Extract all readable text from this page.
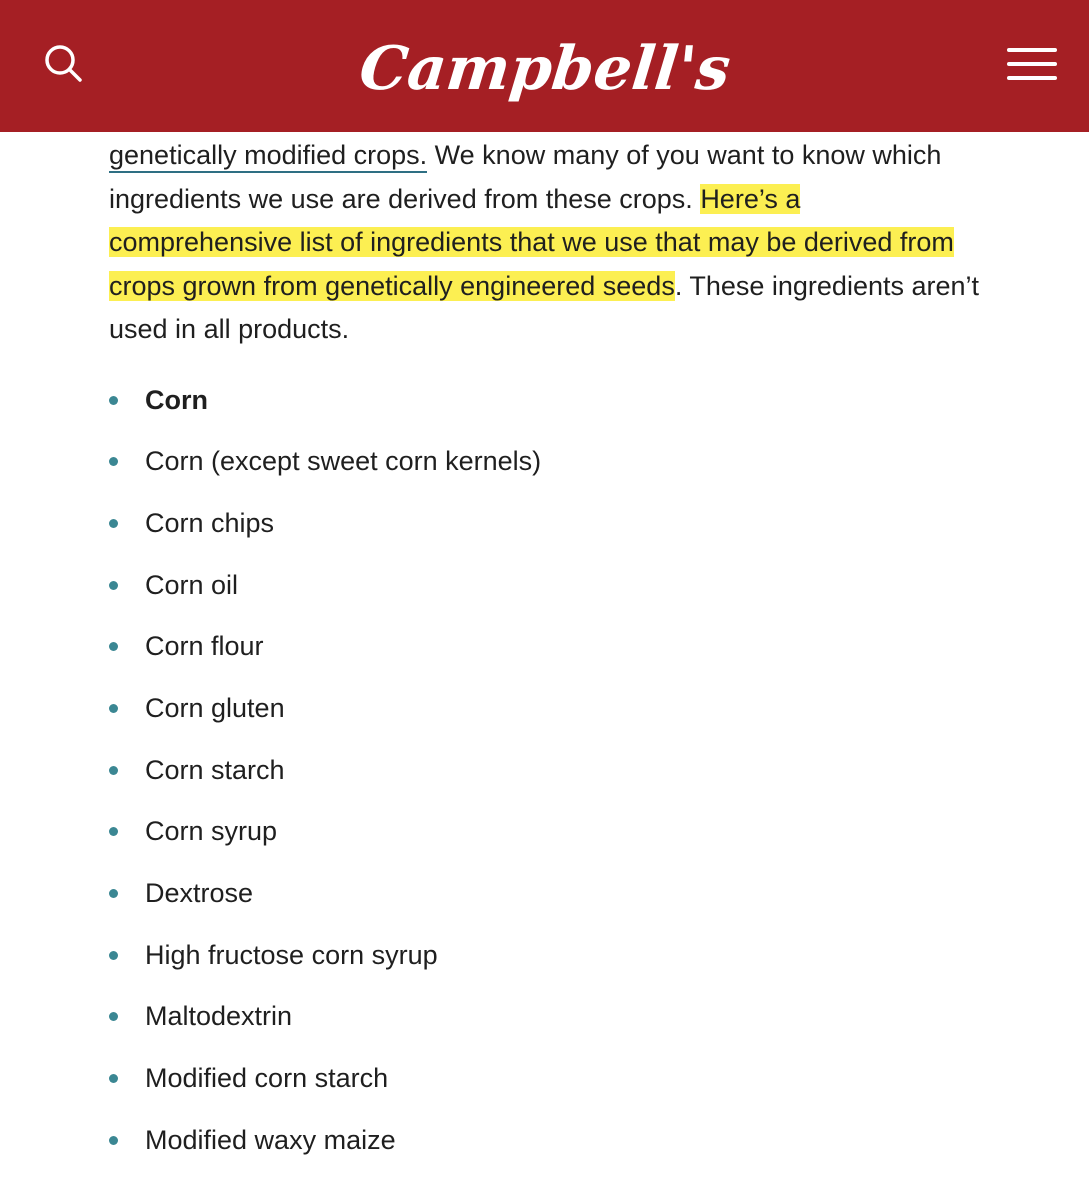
Campbell's

genetically modified crops. We know many of you want to know which ingredients we use are derived from these crops. Here’s a comprehensive list of ingredients that we use that may be derived from crops grown from genetically engineered seeds. These ingredients aren’t used in all products.

Corn
Corn (except sweet corn kernels)
Corn chips
Corn oil
Corn flour
Corn gluten
Corn starch
Corn syrup
Dextrose
High fructose corn syrup
Maltodextrin
Modified corn starch
Modified waxy maize
